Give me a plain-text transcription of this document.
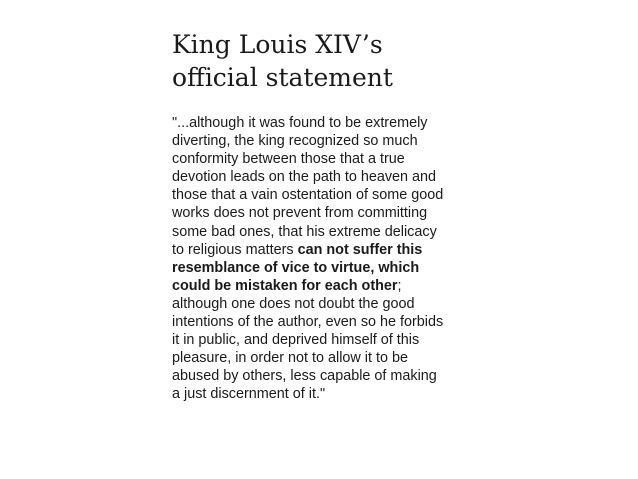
King Louis XIV’s
official statement
"...although it was found to be extremely
diverting, the king recognized so much
conformity between those that a true
devotion leads on the path to heaven and
those that a vain ostentation of some good
works does not prevent from committing
some bad ones, that his extreme delicacy
to religious matters can not suffer this
resemblance of vice to virtue, which
could be mistaken for each other;
although one does not doubt the good
intentions of the author, even so he forbids
it in public, and deprived himself of this
pleasure, in order not to allow it to be
abused by others, less capable of making
a just discernment of it."
